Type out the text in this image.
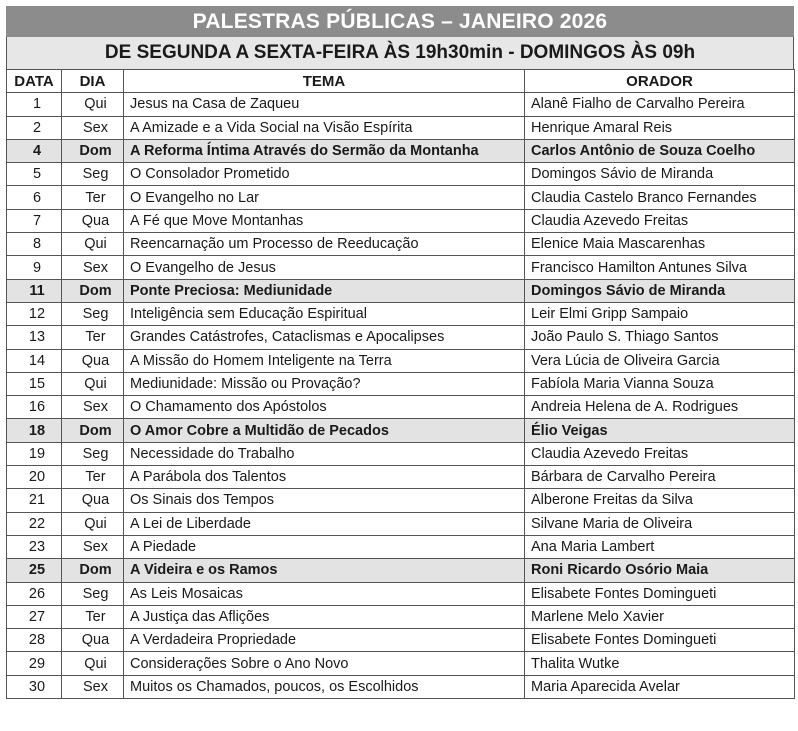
PALESTRAS PÚBLICAS – JANEIRO 2026
DE SEGUNDA A SEXTA-FEIRA ÀS 19h30min - DOMINGOS ÀS 09h
DATA	DIA	TEMA	ORADOR
1	Qui	Jesus na Casa de Zaqueu	Alanê Fialho de Carvalho Pereira
2	Sex	A Amizade e a Vida Social na Visão Espírita	Henrique Amaral Reis
4	Dom	A Reforma Íntima Através do Sermão da Montanha	Carlos Antônio de Souza Coelho
5	Seg	O Consolador Prometido	Domingos Sávio de Miranda
6	Ter	O Evangelho no Lar	Claudia Castelo Branco Fernandes
7	Qua	A Fé que Move Montanhas	Claudia Azevedo Freitas
8	Qui	Reencarnação um Processo de Reeducação	Elenice Maia Mascarenhas
9	Sex	O Evangelho de Jesus	Francisco Hamilton Antunes Silva
11	Dom	Ponte Preciosa: Mediunidade	Domingos Sávio de Miranda
12	Seg	Inteligência sem Educação Espiritual	Leir Elmi Gripp Sampaio
13	Ter	Grandes Catástrofes, Cataclismas e Apocalipses	João Paulo S. Thiago Santos
14	Qua	A Missão do Homem Inteligente na Terra	Vera Lúcia de Oliveira Garcia
15	Qui	Mediunidade: Missão ou Provação?	Fabíola Maria Vianna Souza
16	Sex	O Chamamento dos Apóstolos	Andreia Helena de A. Rodrigues
18	Dom	O Amor Cobre a Multidão de Pecados	Élio Veigas
19	Seg	Necessidade do Trabalho	Claudia Azevedo Freitas
20	Ter	A Parábola dos Talentos	Bárbara de Carvalho Pereira
21	Qua	Os Sinais dos Tempos	Alberone Freitas da Silva
22	Qui	A Lei de Liberdade	Silvane Maria de Oliveira
23	Sex	A Piedade	Ana Maria Lambert
25	Dom	A Videira e os Ramos	Roni Ricardo Osório Maia
26	Seg	As Leis Mosaicas	Elisabete Fontes Domingueti
27	Ter	A Justiça das Aflições	Marlene Melo Xavier
28	Qua	A Verdadeira Propriedade	Elisabete Fontes Domingueti
29	Qui	Considerações Sobre o Ano Novo	Thalita Wutke
30	Sex	Muitos os Chamados, poucos, os Escolhidos	Maria Aparecida Avelar
